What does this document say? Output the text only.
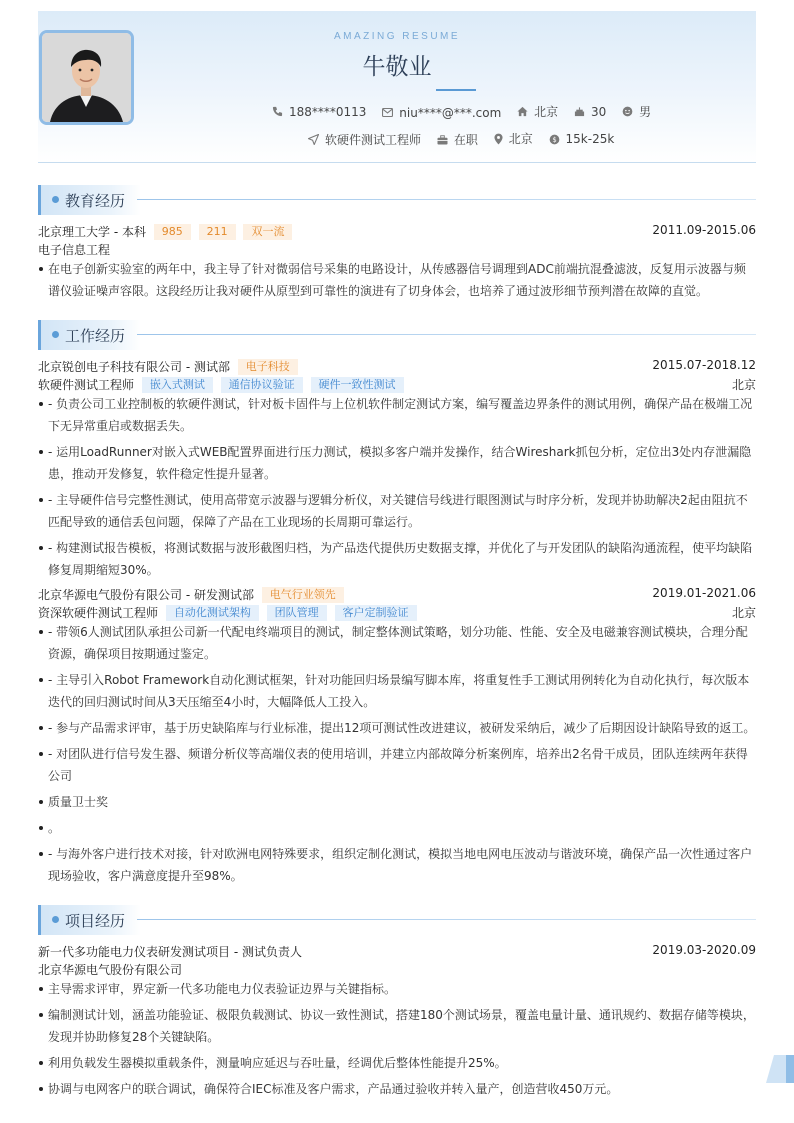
AMAZING RESUME
牛敬业
188****0113
	niu****@***.com
	北京
	30
	男
软硬件测试工程师
	在职
	北京
	$ 15k-25k
教育经历
北京理工大学 - 本科 985 211 双一流	2011.09-2015.06
电子信息工程
在电子创新实验室的两年中，我主导了针对微弱信号采集的电路设计，从传感器信号调理到ADC前端抗混叠滤波，反复用示波器与频谱仪验证噪声容限。这段经历让我对硬件从原型到可靠性的演进有了切身体会，也培养了通过波形细节预判潜在故障的直觉。
工作经历
北京锐创电子科技有限公司 - 测试部 电子科技	2015.07-2018.12
软硬件测试工程师 嵌入式测试 通信协议验证 硬件一致性测试	北京
- 负责公司工业控制板的软硬件测试，针对板卡固件与上位机软件制定测试方案，编写覆盖边界条件的测试用例，确保产品在极端工况下无异常重启或数据丢失。
- 运用LoadRunner对嵌入式WEB配置界面进行压力测试，模拟多客户端并发操作，结合Wireshark抓包分析，定位出3处内存泄漏隐患，推动开发修复，软件稳定性提升显著。
- 主导硬件信号完整性测试，使用高带宽示波器与逻辑分析仪，对关键信号线进行眼图测试与时序分析，发现并协助解决2起由阻抗不匹配导致的通信丢包问题，保障了产品在工业现场的长周期可靠运行。
- 构建测试报告模板，将测试数据与波形截图归档，为产品迭代提供历史数据支撑，并优化了与开发团队的缺陷沟通流程，使平均缺陷修复周期缩短30%。
北京华源电气股份有限公司 - 研发测试部 电气行业领先	2019.01-2021.06
资深软硬件测试工程师 自动化测试架构 团队管理 客户定制验证	北京
- 带领6人测试团队承担公司新一代配电终端项目的测试，制定整体测试策略，划分功能、性能、安全及电磁兼容测试模块，合理分配资源，确保项目按期通过鉴定。
- 主导引入Robot Framework自动化测试框架，针对功能回归场景编写脚本库，将重复性手工测试用例转化为自动化执行，每次版本迭代的回归测试时间从3天压缩至4小时，大幅降低人工投入。
- 参与产品需求评审，基于历史缺陷库与行业标准，提出12项可测试性改进建议，被研发采纳后，减少了后期因设计缺陷导致的返工。
- 对团队进行信号发生器、频谱分析仪等高端仪表的使用培训，并建立内部故障分析案例库，培养出2名骨干成员，团队连续两年获得公司
质量卫士奖
。
- 与海外客户进行技术对接，针对欧洲电网特殊要求，组织定制化测试，模拟当地电网电压波动与谐波环境，确保产品一次性通过客户现场验收，客户满意度提升至98%。
项目经历
新一代多功能电力仪表研发测试项目 - 测试负责人	2019.03-2020.09
北京华源电气股份有限公司
主导需求评审，界定新一代多功能电力仪表验证边界与关键指标。
编制测试计划，涵盖功能验证、极限负载测试、协议一致性测试，搭建180个测试场景，覆盖电量计量、通讯规约、数据存储等模块，发现并协助修复28个关键缺陷。
利用负载发生器模拟重载条件，测量响应延迟与吞吐量，经调优后整体性能提升25%。
协调与电网客户的联合调试，确保符合IEC标准及客户需求，产品通过验收并转入量产，创造营收450万元。
